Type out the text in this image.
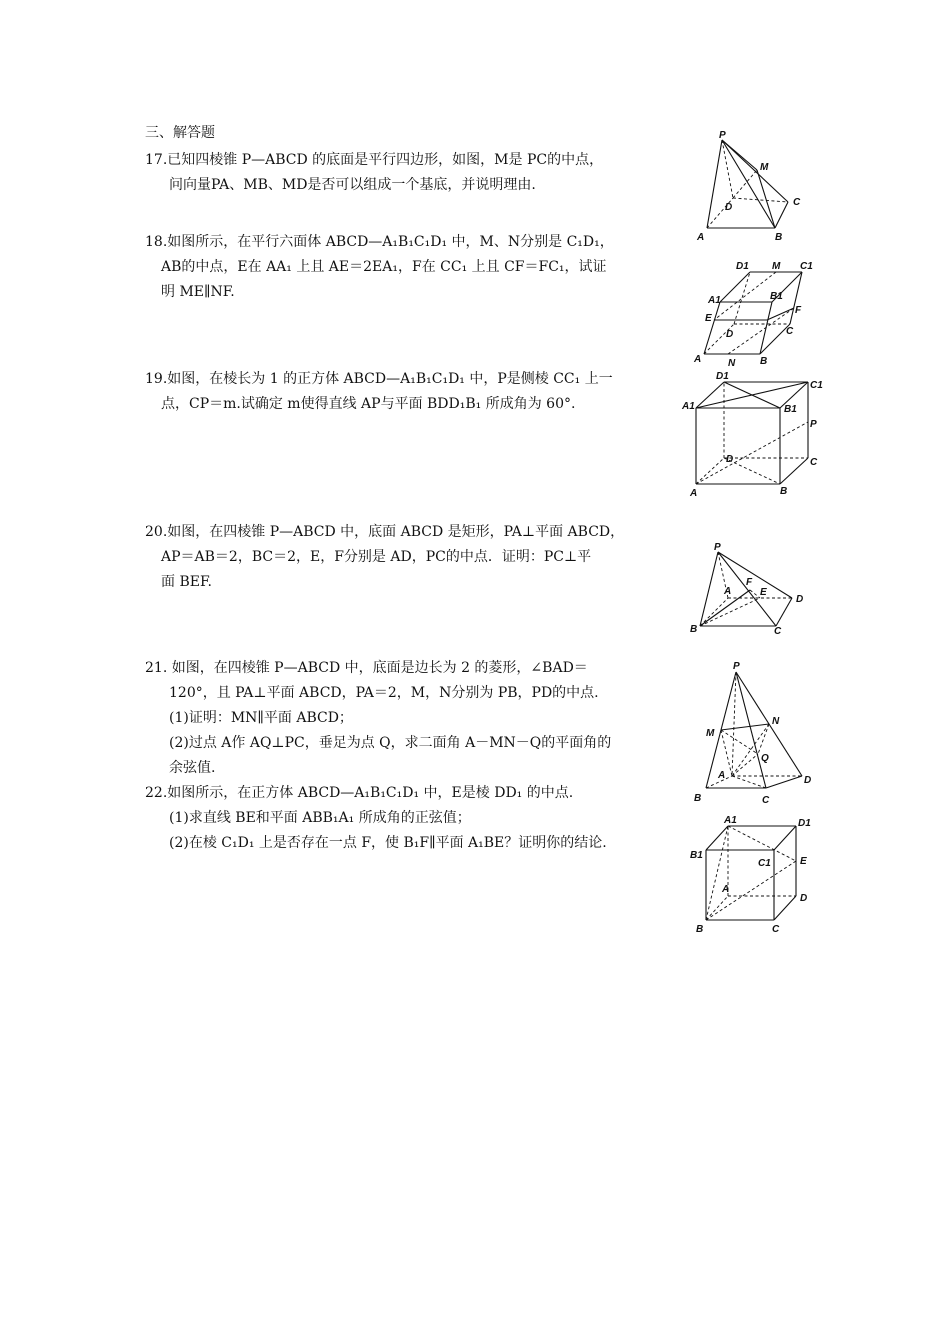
三、解答题
17.已知四棱锥 P—ABCD 的底面是平行四边形，如图，M是 PC的中点，
问向量PA、MB、MD是否可以组成一个基底，并说明理由.
18.如图所示，在平行六面体 ABCD—A₁B₁C₁D₁ 中，M、N分别是 C₁D₁，
AB的中点，E在 AA₁ 上且 AE＝2EA₁，F在 CC₁ 上且 CF＝FC₁，试证
明 ME∥NF.
19.如图，在棱长为 1 的正方体 ABCD—A₁B₁C₁D₁ 中，P是侧棱 CC₁ 上一
点，CP＝m.试确定 m使得直线 AP与平面 BDD₁B₁ 所成角为 60°.
20.如图，在四棱锥 P—ABCD 中，底面 ABCD 是矩形，PA⊥平面 ABCD，
AP＝AB＝2，BC＝2，E，F分别是 AD，PC的中点．证明：PC⊥平
面 BEF.
21. 如图，在四棱锥 P—ABCD 中，底面是边长为 2 的菱形，∠BAD＝
120°，且 PA⊥平面 ABCD，PA＝2，M，N分别为 PB，PD的中点.
(1)证明：MN∥平面 ABCD；
(2)过点 A作 AQ⊥PC，垂足为点 Q，求二面角 A－MN－Q的平面角的
余弦值.
22.如图所示，在正方体 ABCD—A₁B₁C₁D₁ 中，E是棱 DD₁ 的中点.
(1)求直线 BE和平面 ABB₁A₁ 所成角的正弦值；
(2)在棱 C₁D₁ 上是否存在一点 F，使 B₁F∥平面 A₁BE？证明你的结论.
P
M
D	C
A	B
D1 M C1
A1	B1
E
F
D	C
A	N B
D1
C1
A1	B1
P
D	C
A	B
P
A
F
E
D
B	C
P
N
M
Q
A	D
B	C
A1	D1
B1
C1	E
A
D
B	C
